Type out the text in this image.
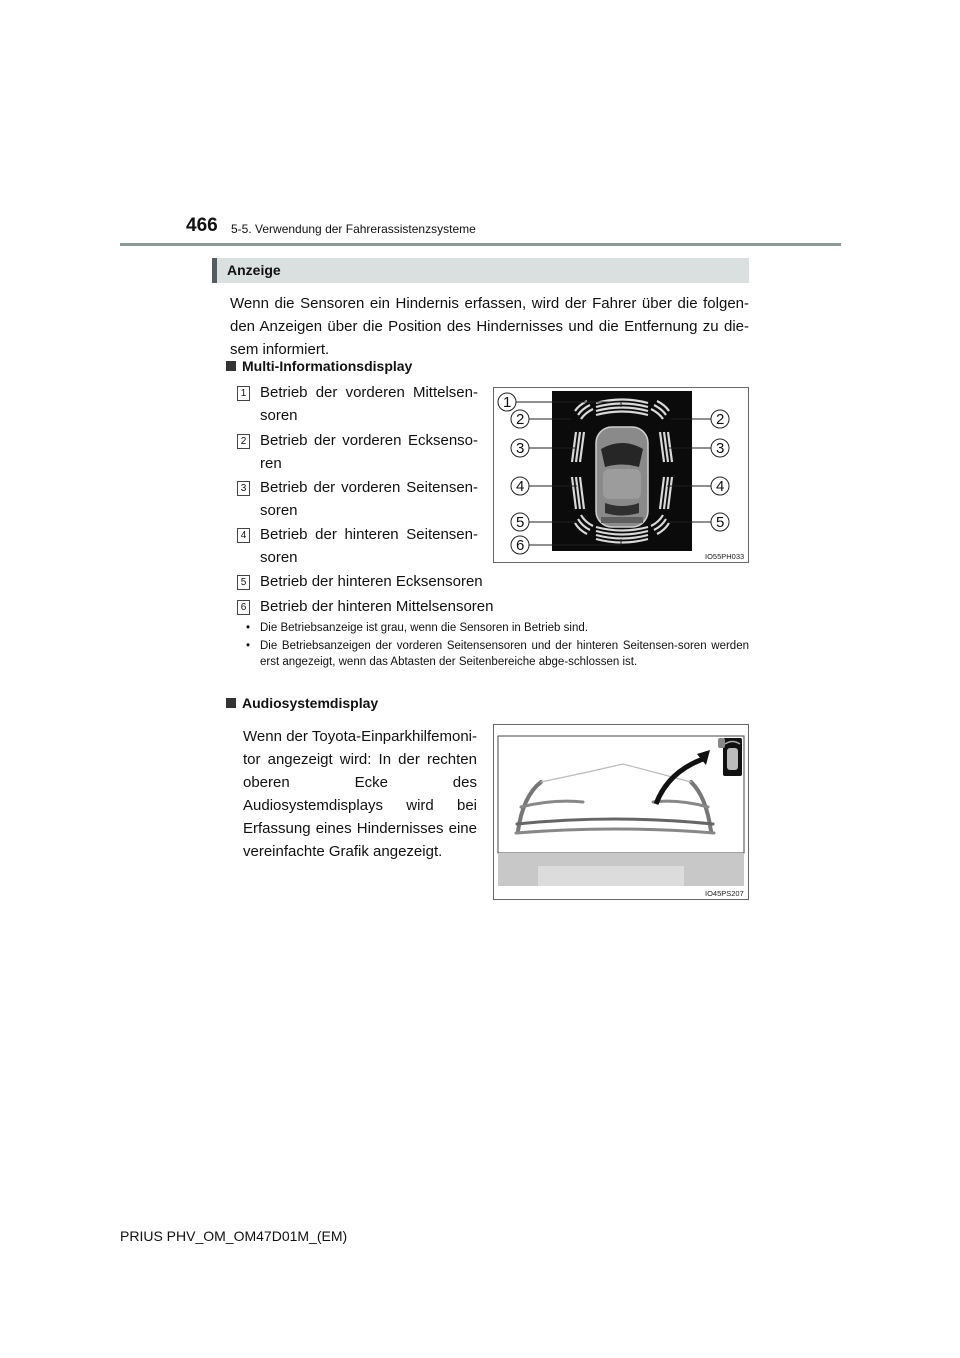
466 5-5. Verwendung der Fahrerassistenzsysteme
Anzeige
Wenn die Sensoren ein Hindernis erfassen, wird der Fahrer über die folgen-den Anzeigen über die Position des Hindernisses und die Entfernung zu die-sem informiert.
Multi-Informationsdisplay
1 Betrieb der vorderen Mittelsen-soren
2 Betrieb der vorderen Ecksenso-ren
3 Betrieb der vorderen Seitensen-soren
4 Betrieb der hinteren Seitensen-soren
5 Betrieb der hinteren Ecksensoren
6 Betrieb der hinteren Mittelsensoren
• Die Betriebsanzeige ist grau, wenn die Sensoren in Betrieb sind.
• Die Betriebsanzeigen der vorderen Seitensensoren und der hinteren Seitensen-soren werden erst angezeigt, wenn das Abtasten der Seitenbereiche abge-schlossen ist.
1
2
3
4
5
6
2
3
4
5
IO55PH033
Audiosystemdisplay
Wenn der Toyota-Einparkhilfemoni-tor angezeigt wird: In der rechten oberen Ecke des Audiosystemdisplays wird bei Erfassung eines Hindernisses eine vereinfachte Grafik angezeigt.
IO45PS207
PRIUS PHV_OM_OM47D01M_(EM)
